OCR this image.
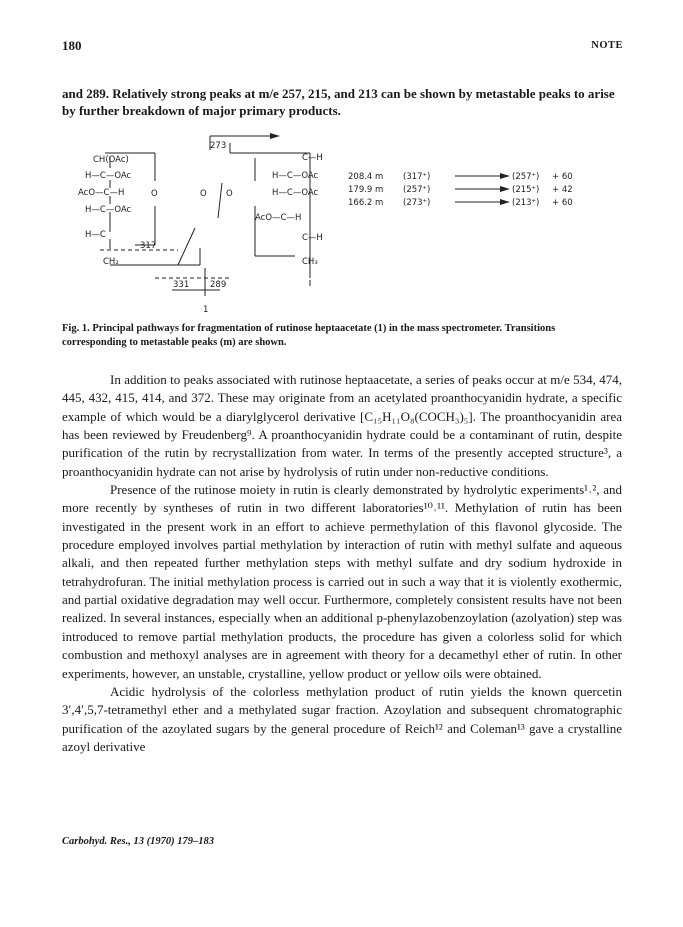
180	NOTE
and 289. Relatively strong peaks at m/e 257, 215, and 213 can be shown by metastable peaks to arise by further breakdown of major primary products.
273
CH(OAc)
H—C—OAc
AcO—C—H
H—C—OAc
H—C
CH₂
317
O	O O
C—H
H—C—OAc
H—C—OAc
AcO—C—H
C—H
CH₃
331 289
1
208.4 m (317⁺)	(257⁺) + 60
179.9 m (257⁺)	(215⁺) + 42
166.2 m (273⁺)	(213⁺) + 60
Fig. 1. Principal pathways for fragmentation of rutinose heptaacetate (1) in the mass spectrometer. Transitions corresponding to metastable peaks (m) are shown.

In addition to peaks associated with rutinose heptaacetate, a series of peaks occur at m/e 534, 474, 445, 432, 415, 414, and 372. These may originate from an acetylated proanthocyanidin hydrate, a specific example of which would be a diarylglycerol derivative [C₁₅H₁₁O₈(COCH₃)₅]. The proanthocyanidin area has been reviewed by Freudenberg⁹. A proanthocyanidin hydrate could be a contaminant of rutin, despite purification of the rutin by recrystallization from water. In terms of the presently accepted structure³, a proanthocyanidin hydrate can not arise by hydrolysis of rutin under non-reductive conditions.

Presence of the rutinose moiety in rutin is clearly demonstrated by hydrolytic experiments¹˒², and more recently by syntheses of rutin in two different laboratories¹⁰˒¹¹. Methylation of rutin has been investigated in the present work in an effort to achieve permethylation of this flavonol glycoside. The procedure employed involves partial methylation by interaction of rutin with methyl sulfate and aqueous alkali, and then repeated further methylation steps with methyl sulfate and dry sodium hydroxide in tetrahydrofuran. The initial methylation process is carried out in such a way that it is violently exothermic, and partial oxidative degradation may well occur. Furthermore, completely consistent results have not been realized. In several instances, especially when an additional p-phenylazobenzoylation (azolyation) step was introduced to remove partial methylation products, the procedure has given a colorless solid for which combustion and methoxyl analyses are in agreement with theory for a decamethyl ether of rutin. In other experiments, however, an unstable, crystalline, yellow product or yellow oils were obtained.

Acidic hydrolysis of the colorless methylation product of rutin yields the known quercetin 3′,4′,5,7-tetramethyl ether and a methylated sugar fraction. Azoylation and subsequent chromatographic purification of the azoylated sugars by the general procedure of Reich¹² and Coleman¹³ gave a crystalline azoyl derivative

Carbohyd. Res., 13 (1970) 179–183
